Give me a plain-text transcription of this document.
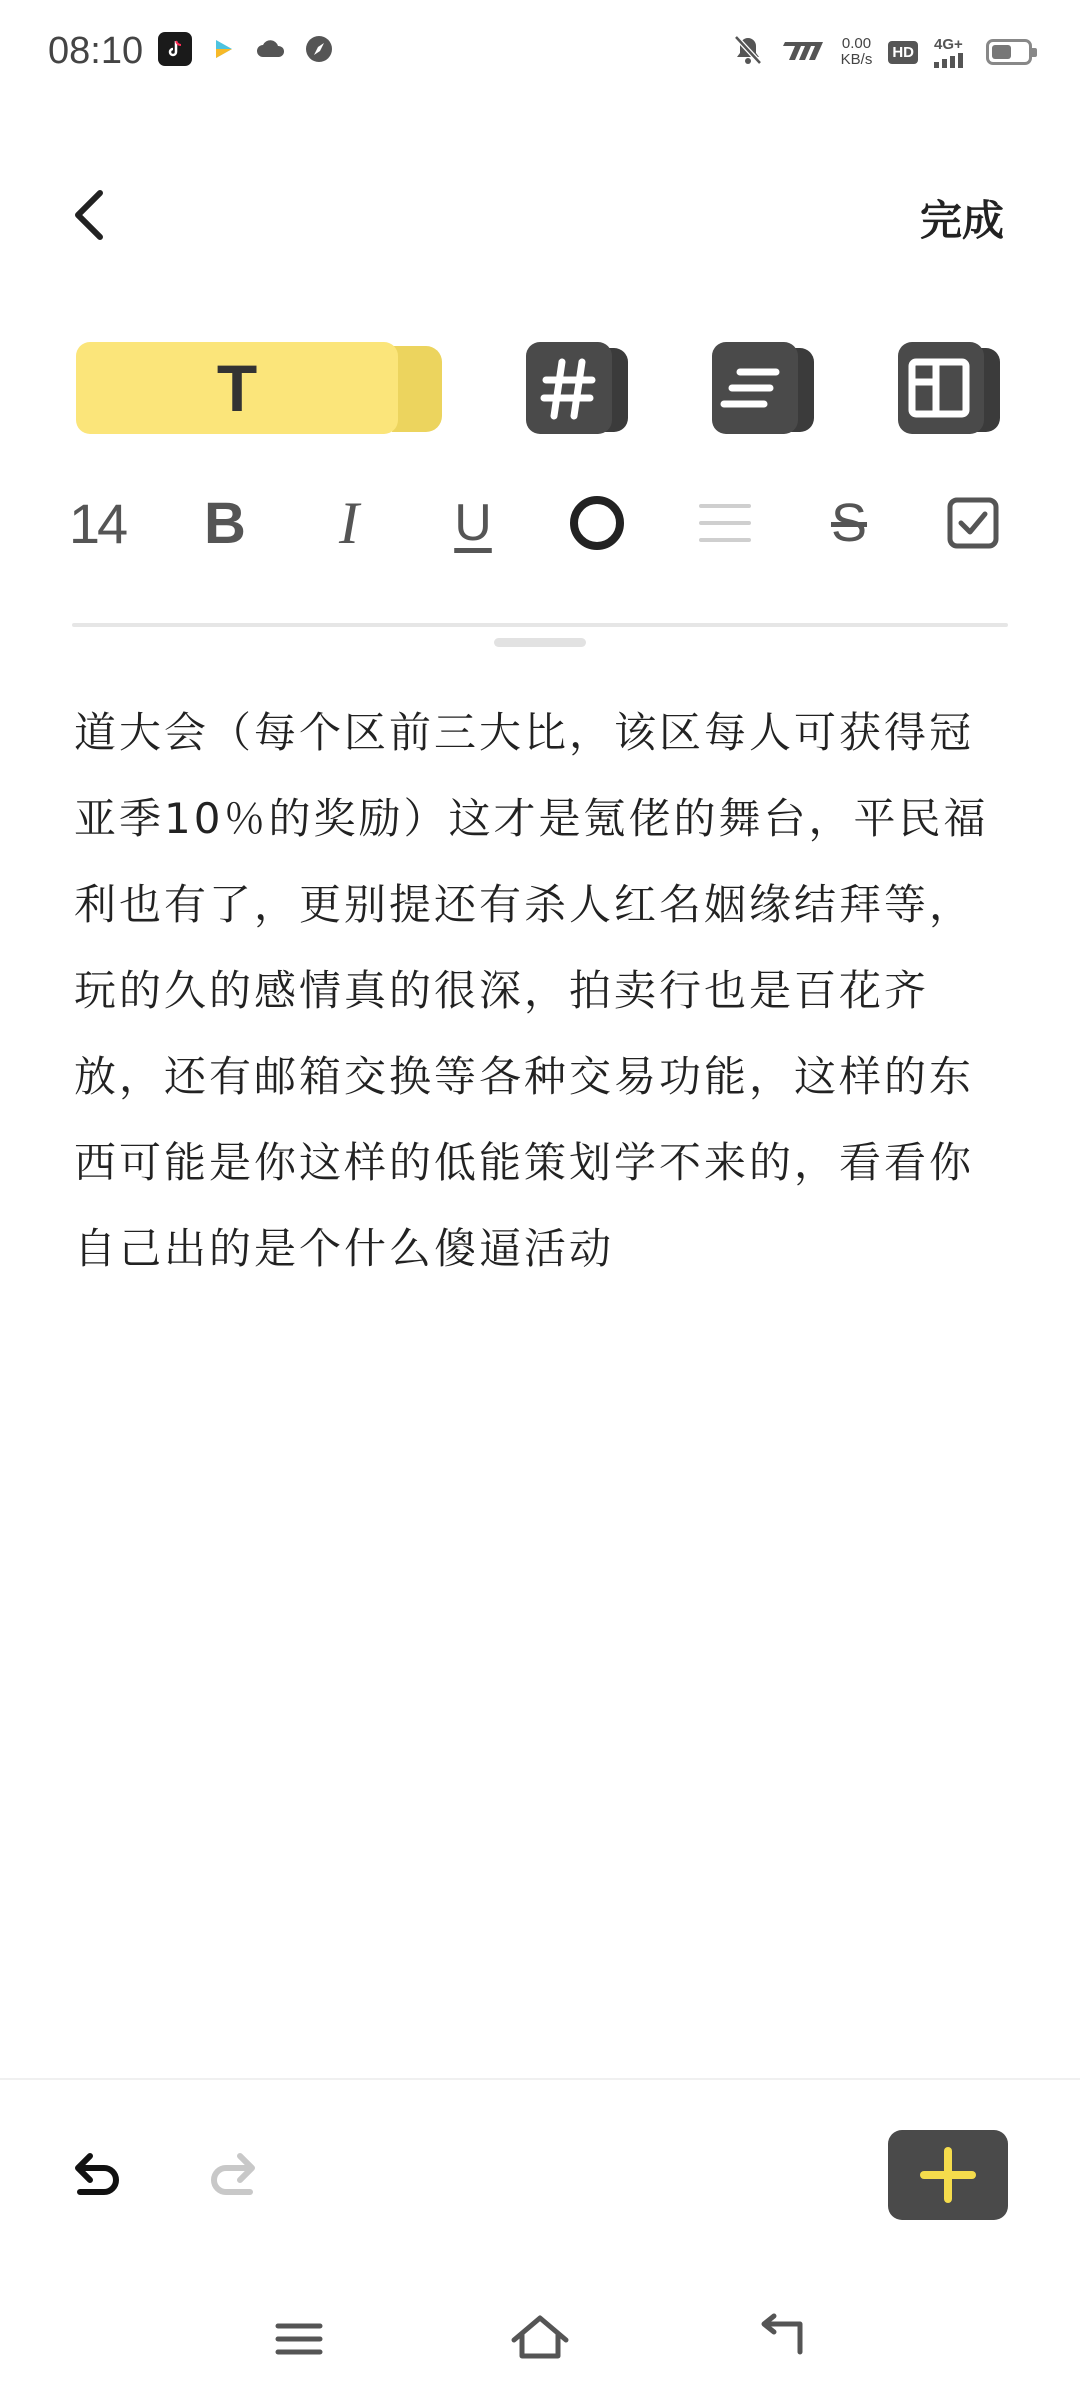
08:10	0.00
KB/s HD 4G+
完成
T
14 B I U	S
道大会（每个区前三大比，该区每人可获得冠亚季10％的奖励）这才是氪佬的舞台，平民福利也有了，更别提还有杀人红名姻缘结拜等，玩的久的感情真的很深，拍卖行也是百花齐放，还有邮箱交换等各种交易功能，这样的东西可能是你这样的低能策划学不来的，看看你自己出的是个什么傻逼活动
